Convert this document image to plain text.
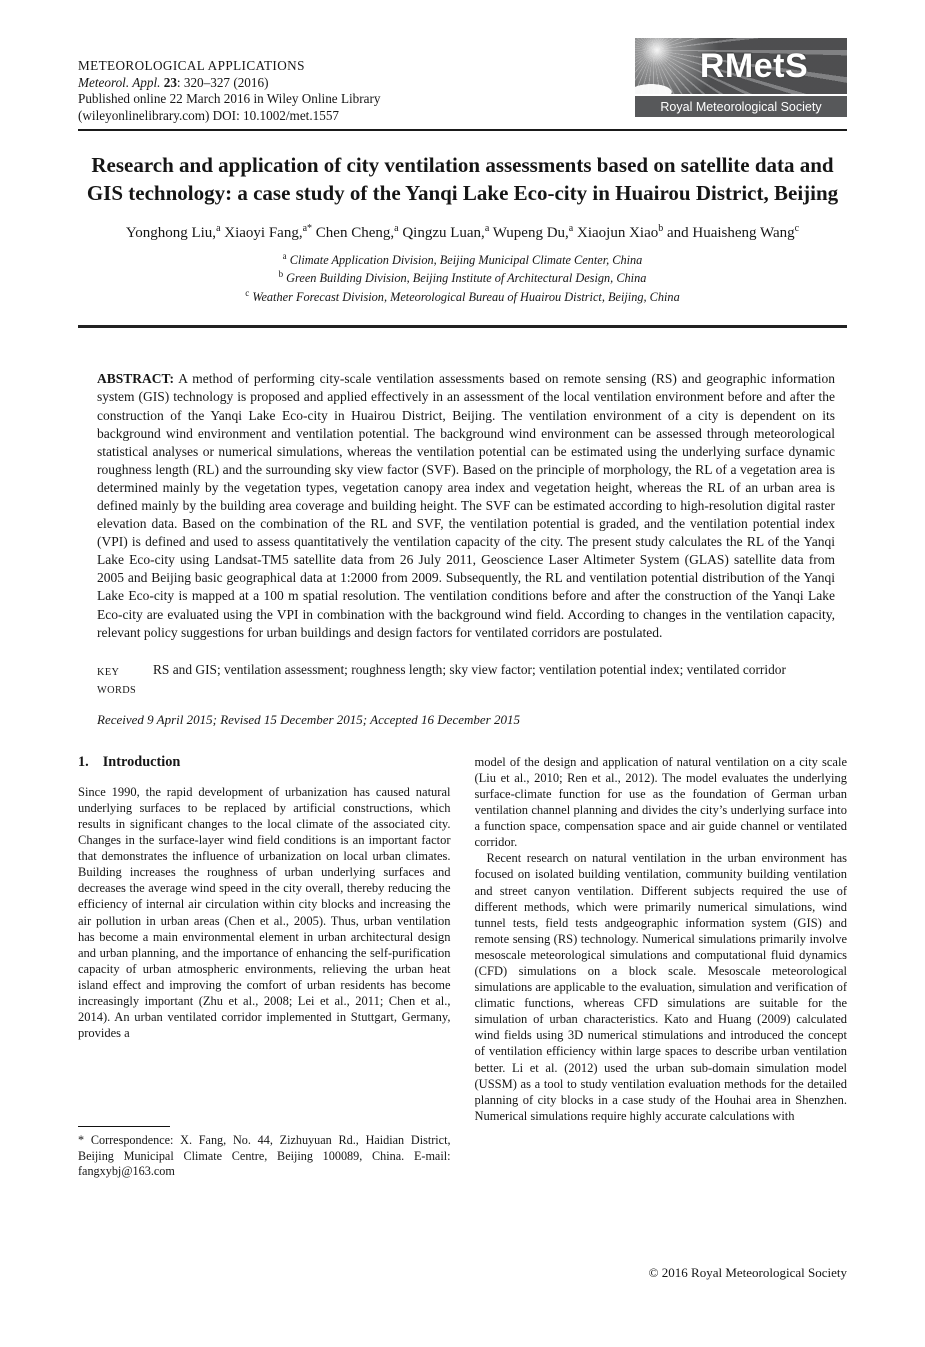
METEOROLOGICAL APPLICATIONS
Meteorol. Appl. 23: 320–327 (2016)
Published online 22 March 2016 in Wiley Online Library
(wileyonlinelibrary.com) DOI: 10.1002/met.1557
RMetS
Royal Meteorological Society
Research and application of city ventilation assessments based on satellite data and GIS technology: a case study of the Yanqi Lake Eco-city in Huairou District, Beijing
Yonghong Liu,$^a$ Xiaoyi Fang,$^{a*}$ Chen Cheng,$^a$ Qingzu Luan,$^a$ Wupeng Du,$^a$ Xiaojun Xiao$^b$ and Huaisheng Wang$^c$
$^a$ Climate Application Division, Beijing Municipal Climate Center, China
$^b$ Green Building Division, Beijing Institute of Architectural Design, China
$^c$ Weather Forecast Division, Meteorological Bureau of Huairou District, Beijing, China

ABSTRACT: A method of performing city-scale ventilation assessments based on remote sensing (RS) and geographic information system (GIS) technology is proposed and applied effectively in an assessment of the local ventilation environment before and after the construction of the Yanqi Lake Eco-city in Huairou District, Beijing. The ventilation environment of a city is dependent on its background wind environment and ventilation potential. The background wind environment can be assessed through meteorological statistical analyses or numerical simulations, whereas the ventilation potential can be estimated using the underlying surface dynamic roughness length (RL) and the surrounding sky view factor (SVF). Based on the principle of morphology, the RL of a vegetation area is determined mainly by the vegetation types, vegetation canopy area index and vegetation height, whereas the RL of an urban area is defined mainly by the building area coverage and building height. The SVF can be estimated according to high-resolution digital raster elevation data. Based on the combination of the RL and SVF, the ventilation potential is graded, and the ventilation potential index (VPI) is defined and used to assess quantitatively the ventilation capacity of the city. The present study calculates the RL of the Yanqi Lake Eco-city using Landsat-TM5 satellite data from 26 July 2011, Geoscience Laser Altimeter System (GLAS) satellite data from 2005 and Beijing basic geographical data at 1:2000 from 2009. Subsequently, the RL and ventilation potential distribution of the Yanqi Lake Eco-city is mapped at a 100 m spatial resolution. The ventilation conditions before and after the construction of the Yanqi Lake Eco-city are evaluated using the VPI in combination with the background wind field. According to changes in the ventilation capacity, relevant policy suggestions for urban buildings and design factors for ventilated corridors are postulated.

KEY WORDS
RS and GIS; ventilation assessment; roughness length; sky view factor; ventilation potential index; ventilated corridor
Received 9 April 2015; Revised 15 December 2015; Accepted 16 December 2015
1. Introduction

Since 1990, the rapid development of urbanization has caused natural underlying surfaces to be replaced by artificial constructions, which results in significant changes to the local climate of the associated city. Changes in the surface-layer wind field conditions is an important factor that demonstrates the influence of urbanization on local urban climates. Building increases the roughness of urban underlying surfaces and decreases the average wind speed in the city overall, thereby reducing the efficiency of internal air circulation within city blocks and increasing the air pollution in urban areas (Chen et al., 2005). Thus, urban ventilation has become a main environmental element in urban architectural design and urban planning, and the importance of enhancing the self-purification capacity of urban atmospheric environments, relieving the urban heat island effect and improving the comfort of urban residents has become increasingly important (Zhu et al., 2008; Lei et al., 2011; Chen et al., 2014). An urban ventilated corridor implemented in Stuttgart, Germany, provides a

* Correspondence: X. Fang, No. 44, Zizhuyuan Rd., Haidian District, Beijing Municipal Climate Centre, Beijing 100089, China. E-mail: fangxybj@163.com

model of the design and application of natural ventilation on a city scale (Liu et al., 2010; Ren et al., 2012). The model evaluates the underlying surface-climate function for use as the foundation of German urban ventilation channel planning and divides the city’s underlying surface into a function space, compensation space and air guide channel or ventilated corridor.

Recent research on natural ventilation in the urban environment has focused on isolated building ventilation, community building ventilation and street canyon ventilation. Different subjects required the use of different methods, which were primarily numerical simulations, wind tunnel tests, field tests andgeographic information system (GIS) and remote sensing (RS) technology. Numerical simulations primarily involve mesoscale meteorological simulations and computational fluid dynamics (CFD) simulations on a block scale. Mesoscale meteorological simulations are applicable to the evaluation, simulation and verification of climatic functions, whereas CFD simulations are suitable for the simulation of urban characteristics. Kato and Huang (2009) calculated wind fields using 3D numerical stimulations and introduced the concept of ventilation efficiency within large spaces to describe urban ventilation better. Li et al. (2012) used the urban sub-domain simulation model (USSM) as a tool to study ventilation evaluation methods for the detailed planning of city blocks in a case study of the Houhai area in Shenzhen. Numerical simulations require highly accurate calculations with

© 2016 Royal Meteorological Society
